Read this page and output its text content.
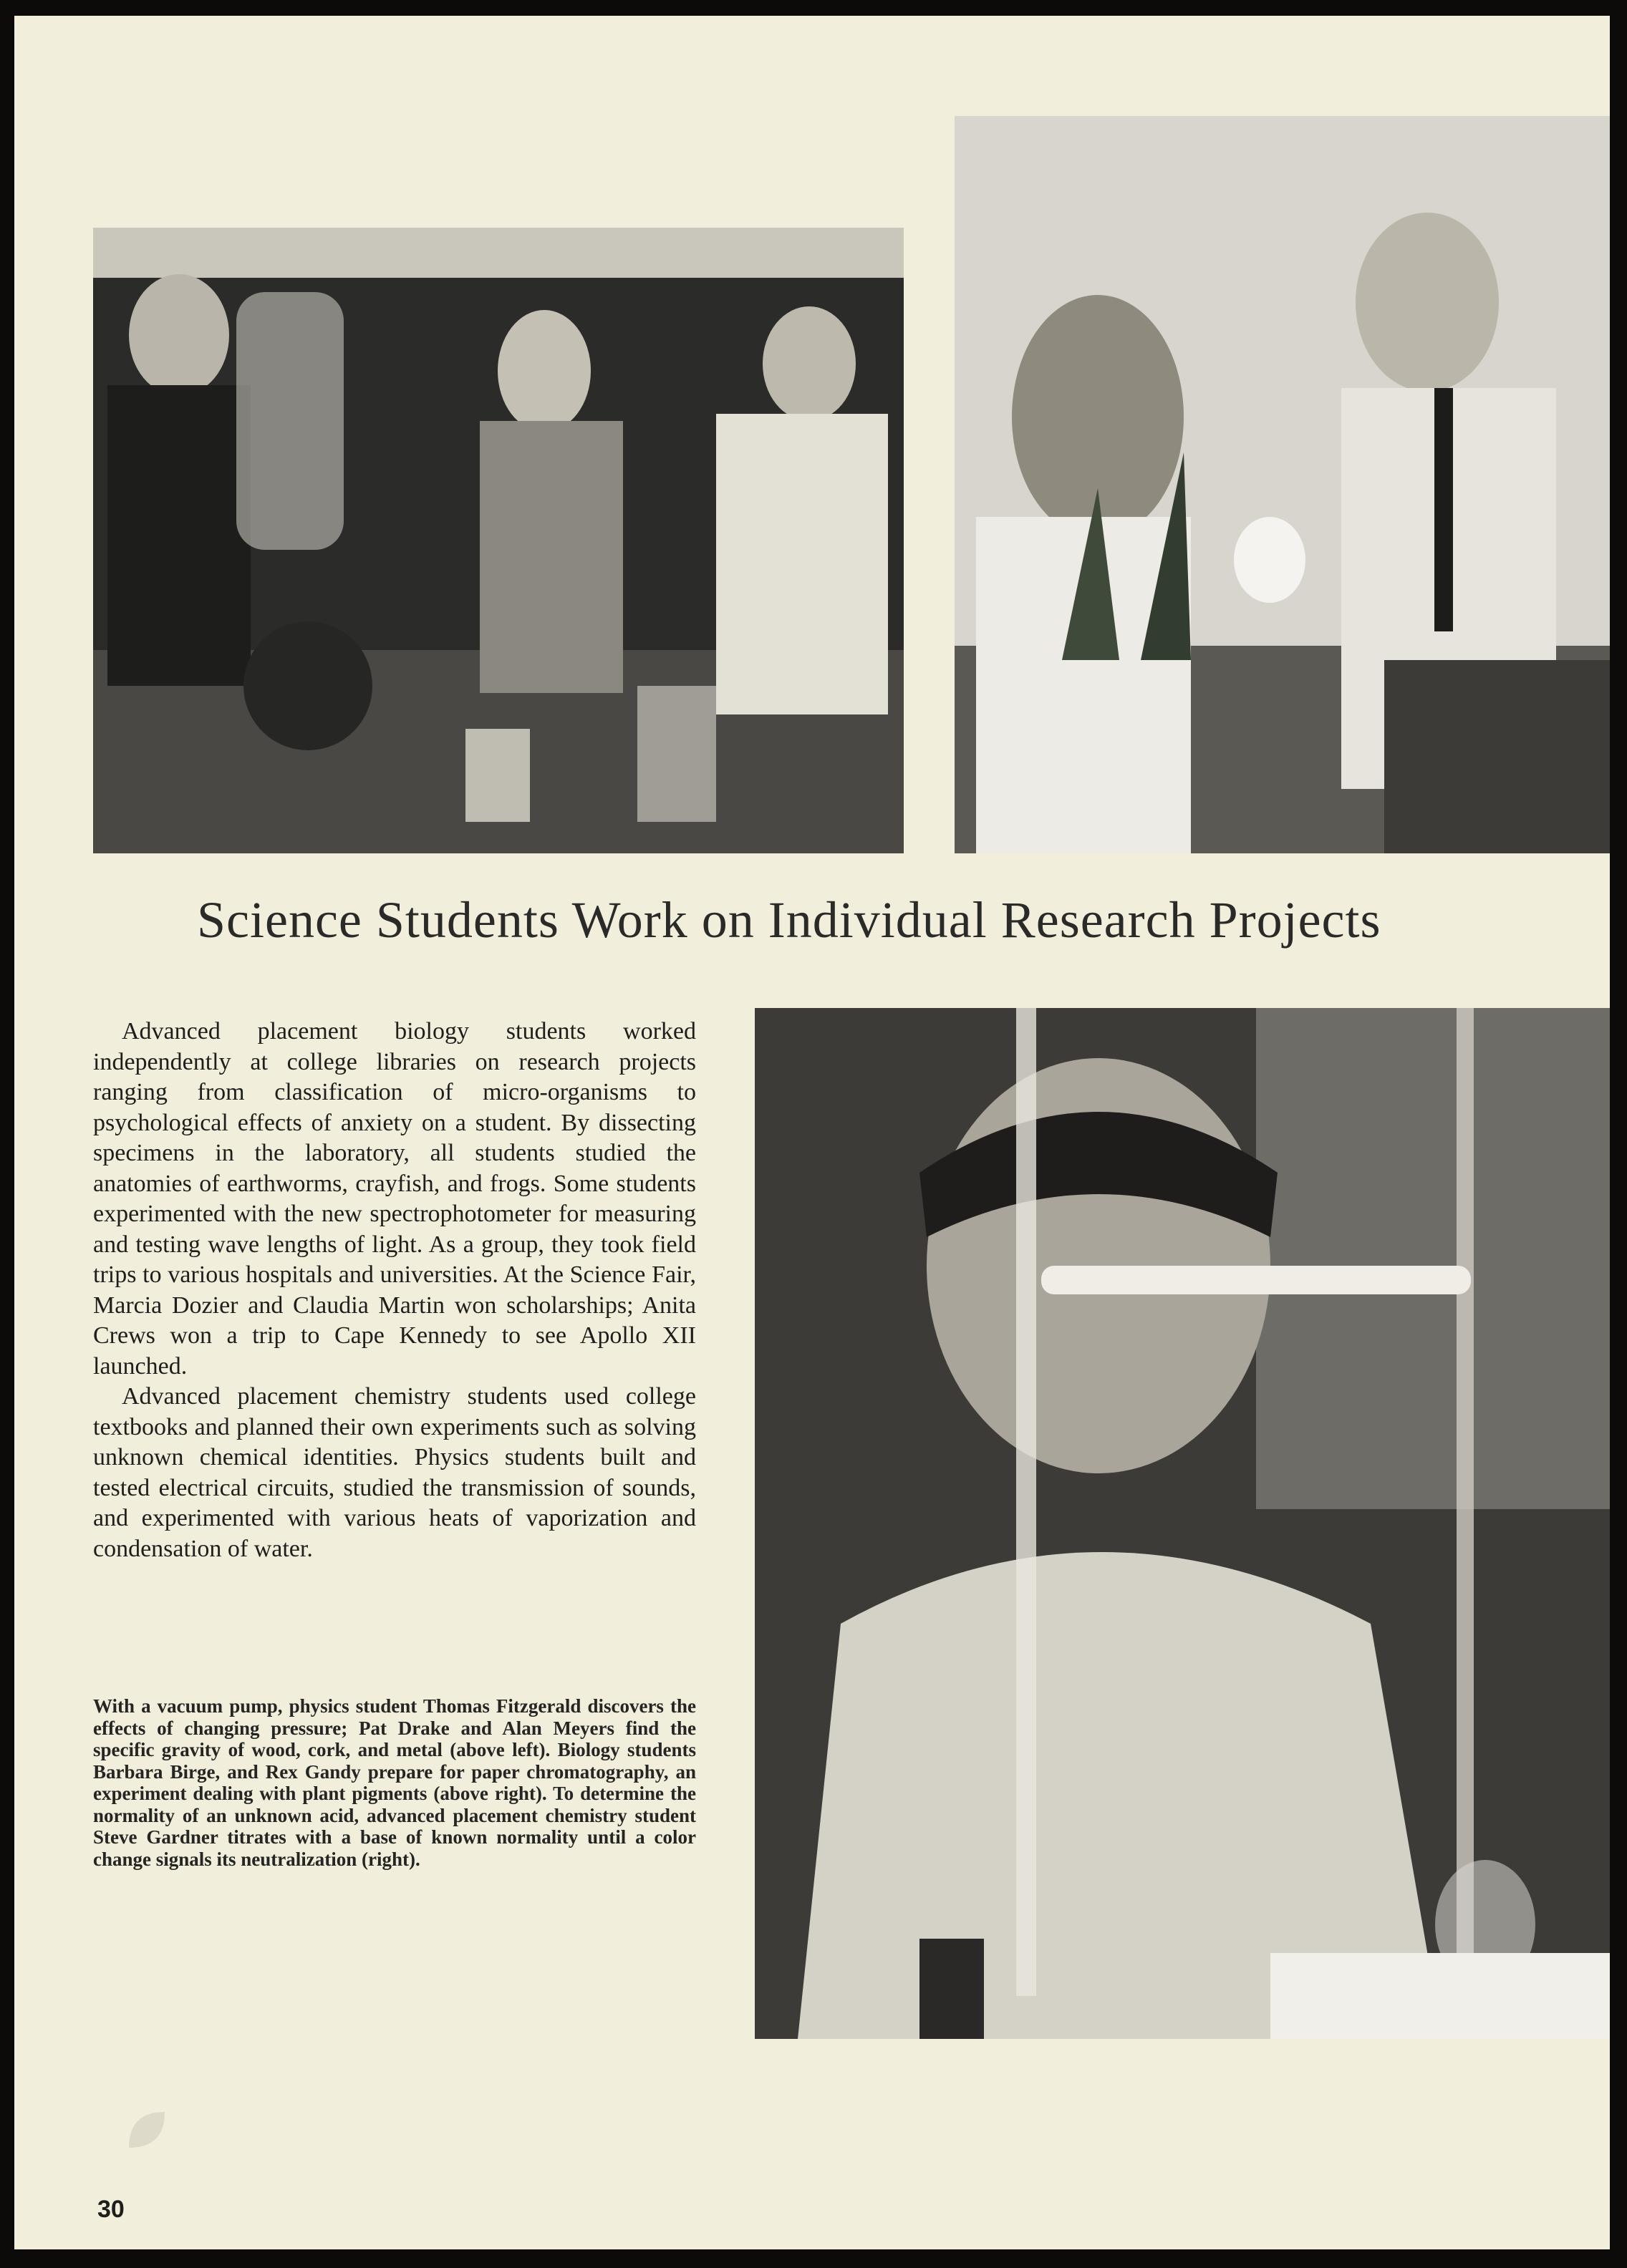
Science Students Work on Individual Research Projects

Advanced placement biology students worked independently at college libraries on research projects ranging from classification of micro-organisms to psychological effects of anxiety on a student. By dissecting specimens in the laboratory, all students studied the anatomies of earthworms, crayfish, and frogs. Some students experimented with the new spectrophotometer for measuring and testing wave lengths of light. As a group, they took field trips to various hospitals and universities. At the Science Fair, Marcia Dozier and Claudia Martin won scholarships; Anita Crews won a trip to Cape Kennedy to see Apollo XII launched.

Advanced placement chemistry students used college textbooks and planned their own experiments such as solving unknown chemical identities. Physics students built and tested electrical circuits, studied the transmission of sounds, and experimented with various heats of vaporization and condensation of water.

With a vacuum pump, physics student Thomas Fitzgerald discovers the effects of changing pressure; Pat Drake and Alan Meyers find the specific gravity of wood, cork, and metal (above left). Biology students Barbara Birge, and Rex Gandy prepare for paper chromatography, an experiment dealing with plant pigments (above right). To determine the normality of an unknown acid, advanced placement chemistry student Steve Gardner titrates with a base of known normality until a color change signals its neutralization (right).

30
